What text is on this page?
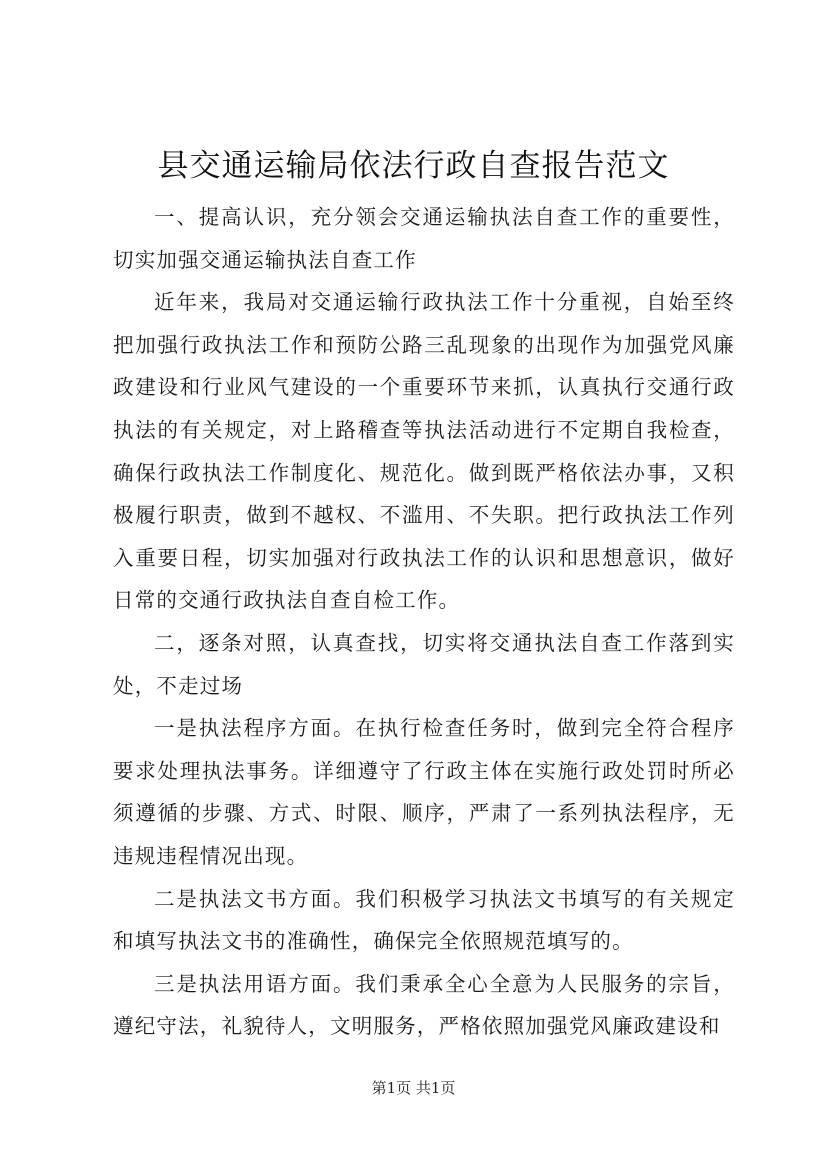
县交通运输局依法行政自查报告范文

一、提高认识，充分领会交通运输执法自查工作的重要性，切实加强交通运输执法自查工作

近年来，我局对交通运输行政执法工作十分重视，自始至终把加强行政执法工作和预防公路三乱现象的出现作为加强党风廉政建设和行业风气建设的一个重要环节来抓，认真执行交通行政执法的有关规定，对上路稽查等执法活动进行不定期自我检查，确保行政执法工作制度化、规范化。做到既严格依法办事，又积极履行职责，做到不越权、不滥用、不失职。把行政执法工作列入重要日程，切实加强对行政执法工作的认识和思想意识，做好日常的交通行政执法自查自检工作。

二，逐条对照，认真查找，切实将交通执法自查工作落到实处，不走过场

一是执法程序方面。在执行检查任务时，做到完全符合程序要求处理执法事务。详细遵守了行政主体在实施行政处罚时所必须遵循的步骤、方式、时限、顺序，严肃了一系列执法程序，无违规违程情况出现。

二是执法文书方面。我们积极学习执法文书填写的有关规定和填写执法文书的准确性，确保完全依照规范填写的。

三是执法用语方面。我们秉承全心全意为人民服务的宗旨，遵纪守法，礼貌待人，文明服务，严格依照加强党风廉政建设和

第1页 共1页
